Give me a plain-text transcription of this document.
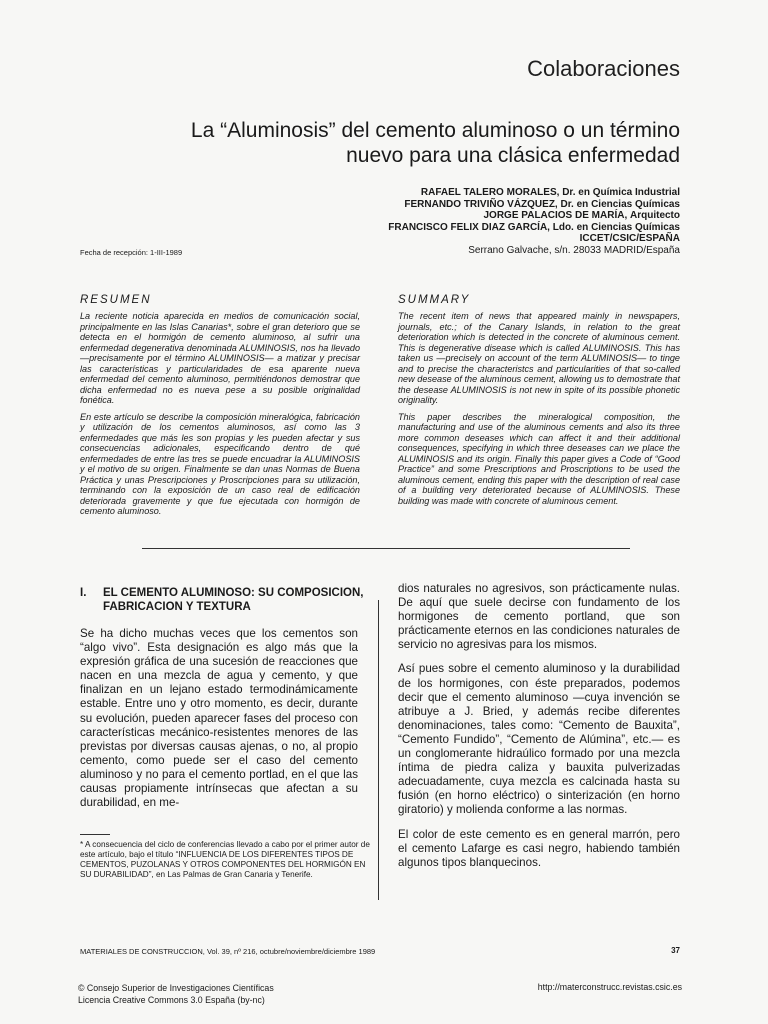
Colaboraciones
La “Aluminosis” del cemento aluminoso o un término
nuevo para una clásica enfermedad
RAFAEL TALERO MORALES, Dr. en Química Industrial
FERNANDO TRIVIÑO VÁZQUEZ, Dr. en Ciencias Químicas
JORGE PALACIOS DE MARÍA, Arquitecto
FRANCISCO FELIX DIAZ GARCÍA, Ldo. en Ciencias Químicas
ICCET/CSIC/ESPAÑA
Serrano Galvache, s/n. 28033 MADRID/España
Fecha de recepción: 1-III-1989
RESUMEN

La reciente noticia aparecida en medios de comunicación social, principalmente en las Islas Canarias*, sobre el gran deterioro que se detecta en el hormigón de cemento aluminoso, al sufrir una enfermedad degenerativa denominada ALUMINOSIS, nos ha llevado —precisamente por el término ALUMINOSIS— a matizar y precisar las características y particularidades de esa aparente nueva enfermedad del cemento aluminoso, permitiéndonos demostrar que dicha enfermedad no es nueva pese a su posible originalidad fonética.

En este artículo se describe la composición mineralógica, fabricación y utilización de los cementos aluminosos, así como las 3 enfermedades que más les son propias y les pueden afectar y sus consecuencias adicionales, especificando dentro de qué enfermedades de entre las tres se puede encuadrar la ALUMINOSIS y el motivo de su origen. Finalmente se dan unas Normas de Buena Práctica y unas Prescripciones y Proscripciones para su utilización, terminando con la exposición de un caso real de edificación deteriorada gravemente y que fue ejecutada con hormigón de cemento aluminoso.

SUMMARY

The recent item of news that appeared mainly in newspapers, journals, etc.; of the Canary Islands, in relation to the great deterioration which is detected in the concrete of aluminous cement. This is degenerative disease which is called ALUMINOSIS. This has taken us —precisely on account of the term ALUMINOSIS— to tinge and to precise the characteristcs and particularities of that so-called new desease of the aluminous cement, allowing us to demostrate that the desease ALUMINOSIS is not new in spite of its possible phonetic originality.

This paper describes the mineralogical composition, the manufacturing and use of the aluminous cements and also its three more common deseases which can affect it and their additional consequences, specifying in which three deseases can we place the ALUMINOSIS and its origin. Finally this paper gives a Code of “Good Practice” and some Prescriptions and Proscriptions to be used the aluminous cement, ending this paper with the description of real case of a building very deteriorated because of ALUMINOSIS. These building was made with concrete of aluminous cement.

I. EL CEMENTO ALUMINOSO: SU COMPOSICION, FABRICACION Y TEXTURA

Se ha dicho muchas veces que los cementos son “algo vivo”. Esta designación es algo más que la expresión gráfica de una sucesión de reacciones que nacen en una mezcla de agua y cemento, y que finalizan en un lejano estado termodinámicamente estable. Entre uno y otro momento, es decir, durante su evolución, pueden aparecer fases del proceso con características mecánico-resistentes menores de las previstas por diversas causas ajenas, o no, al propio cemento, como puede ser el caso del cemento aluminoso y no para el cemento portlad, en el que las causas propiamente intrínsecas que afectan a su durabilidad, en me-

dios naturales no agresivos, son prácticamente nulas. De aquí que suele decirse con fundamento de los hormigones de cemento portland, que son prácticamente eternos en las condiciones naturales de servicio no agresivas para los mismos.

Así pues sobre el cemento aluminoso y la durabilidad de los hormigones, con éste preparados, podemos decir que el cemento aluminoso —cuya invención se atribuye a J. Bried, y además recibe diferentes denominaciones, tales como: “Cemento de Bauxita”, “Cemento Fundido”, “Cemento de Alúmina”, etc.— es un conglomerante hidraúlico formado por una mezcla íntima de piedra caliza y bauxita pulverizadas adecuadamente, cuya mezcla es calcinada hasta su fusión (en horno eléctrico) o sinterización (en horno giratorio) y molienda conforme a las normas.

El color de este cemento es en general marrón, pero el cemento Lafarge es casi negro, habiendo también algunos tipos blanquecinos.

* A consecuencia del ciclo de conferencias llevado a cabo por el primer autor de este artículo, bajo el título “INFLUENCIA DE LOS DIFERENTES TIPOS DE CEMENTOS, PUZOLANAS Y OTROS COMPONENTES DEL HORMIGÓN EN SU DURABILIDAD”, en Las Palmas de Gran Canaria y Tenerife.
MATERIALES DE CONSTRUCCION, Vol. 39, nº 216, octubre/noviembre/diciembre 1989	37
© Consejo Superior de Investigaciones Científicas
Licencia Creative Commons 3.0 España (by-nc)
http://materconstrucc.revistas.csic.es
